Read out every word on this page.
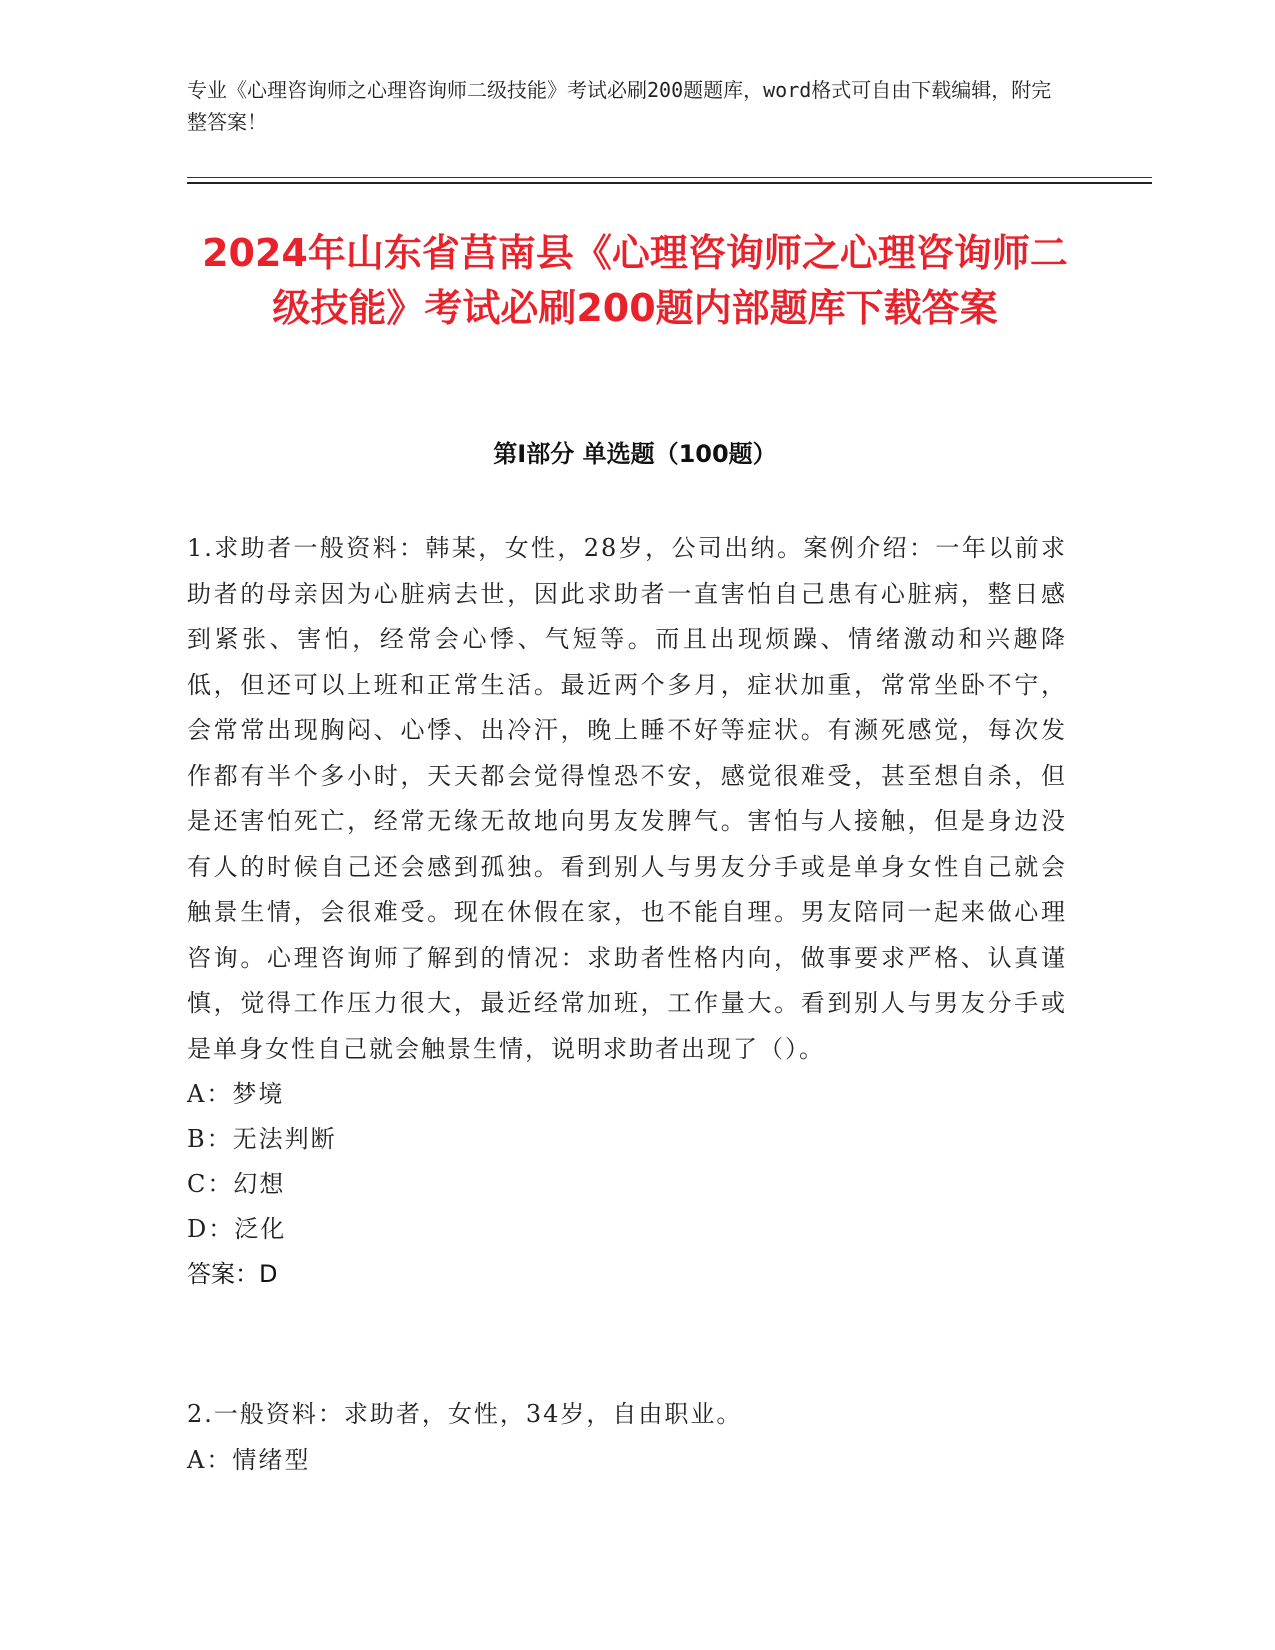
专业《心理咨询师之心理咨询师二级技能》考试必刷200题题库，word格式可自由下载编辑，附完整答案！
2024年山东省莒南县《心理咨询师之心理咨询师二级技能》考试必刷200题内部题库下载答案
第Ⅰ部分 单选题（100题）
1.求助者一般资料：韩某，女性，28岁，公司出纳。案例介绍：一年以前求助者的母亲因为心脏病去世，因此求助者一直害怕自己患有心脏病，整日感到紧张、害怕，经常会心悸、气短等。而且出现烦躁、情绪激动和兴趣降低，但还可以上班和正常生活。最近两个多月，症状加重，常常坐卧不宁，会常常出现胸闷、心悸、出冷汗，晚上睡不好等症状。有濒死感觉，每次发作都有半个多小时，天天都会觉得惶恐不安，感觉很难受，甚至想自杀，但是还害怕死亡，经常无缘无故地向男友发脾气。害怕与人接触，但是身边没有人的时候自己还会感到孤独。看到别人与男友分手或是单身女性自己就会触景生情，会很难受。现在休假在家，也不能自理。男友陪同一起来做心理咨询。心理咨询师了解到的情况：求助者性格内向，做事要求严格、认真谨慎，觉得工作压力很大，最近经常加班，工作量大。看到别人与男友分手或是单身女性自己就会触景生情，说明求助者出现了（）。
A：梦境
B：无法判断
C：幻想
D：泛化
答案：D
2.一般资料：求助者，女性，34岁，自由职业。
A：情绪型
